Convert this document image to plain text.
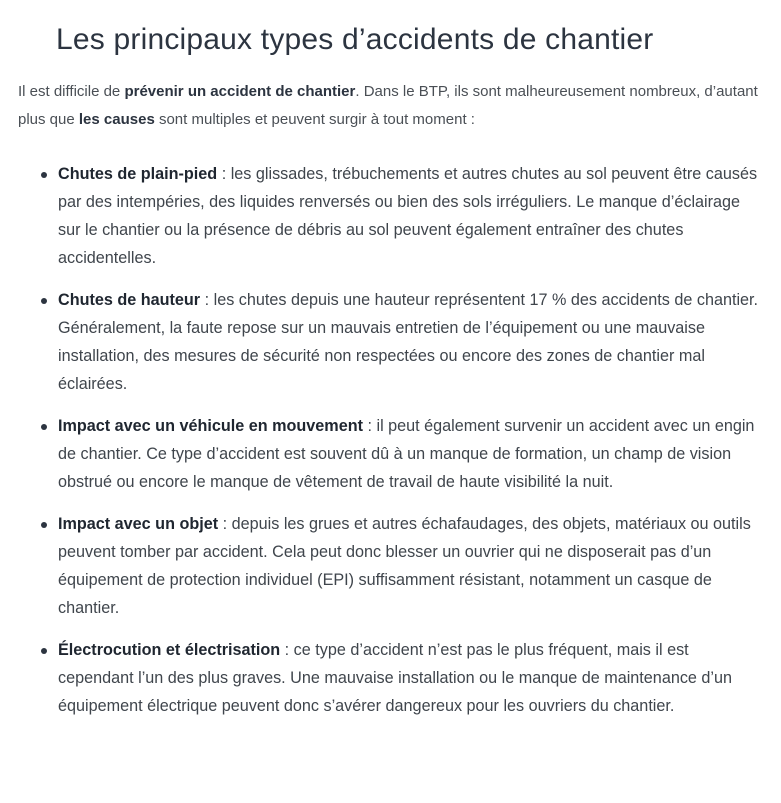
Les principaux types d’accidents de chantier

Il est difficile de prévenir un accident de chantier. Dans le BTP, ils sont malheureusement nombreux, d’autant plus que les causes sont multiples et peuvent surgir à tout moment :

Chutes de plain-pied : les glissades, trébuchements et autres chutes au sol peuvent être causés par des intempéries, des liquides renversés ou bien des sols irréguliers. Le manque d’éclairage sur le chantier ou la présence de débris au sol peuvent également entraîner des chutes accidentelles.
Chutes de hauteur : les chutes depuis une hauteur représentent 17 % des accidents de chantier. Généralement, la faute repose sur un mauvais entretien de l’équipement ou une mauvaise installation, des mesures de sécurité non respectées ou encore des zones de chantier mal éclairées.
Impact avec un véhicule en mouvement : il peut également survenir un accident avec un engin de chantier. Ce type d’accident est souvent dû à un manque de formation, un champ de vision obstrué ou encore le manque de vêtement de travail de haute visibilité la nuit.
Impact avec un objet : depuis les grues et autres échafaudages, des objets, matériaux ou outils peuvent tomber par accident. Cela peut donc blesser un ouvrier qui ne disposerait pas d’un équipement de protection individuel (EPI) suffisamment résistant, notamment un casque de chantier.
Électrocution et électrisation : ce type d’accident n’est pas le plus fréquent, mais il est cependant l’un des plus graves. Une mauvaise installation ou le manque de maintenance d’un équipement électrique peuvent donc s’avérer dangereux pour les ouvriers du chantier.
